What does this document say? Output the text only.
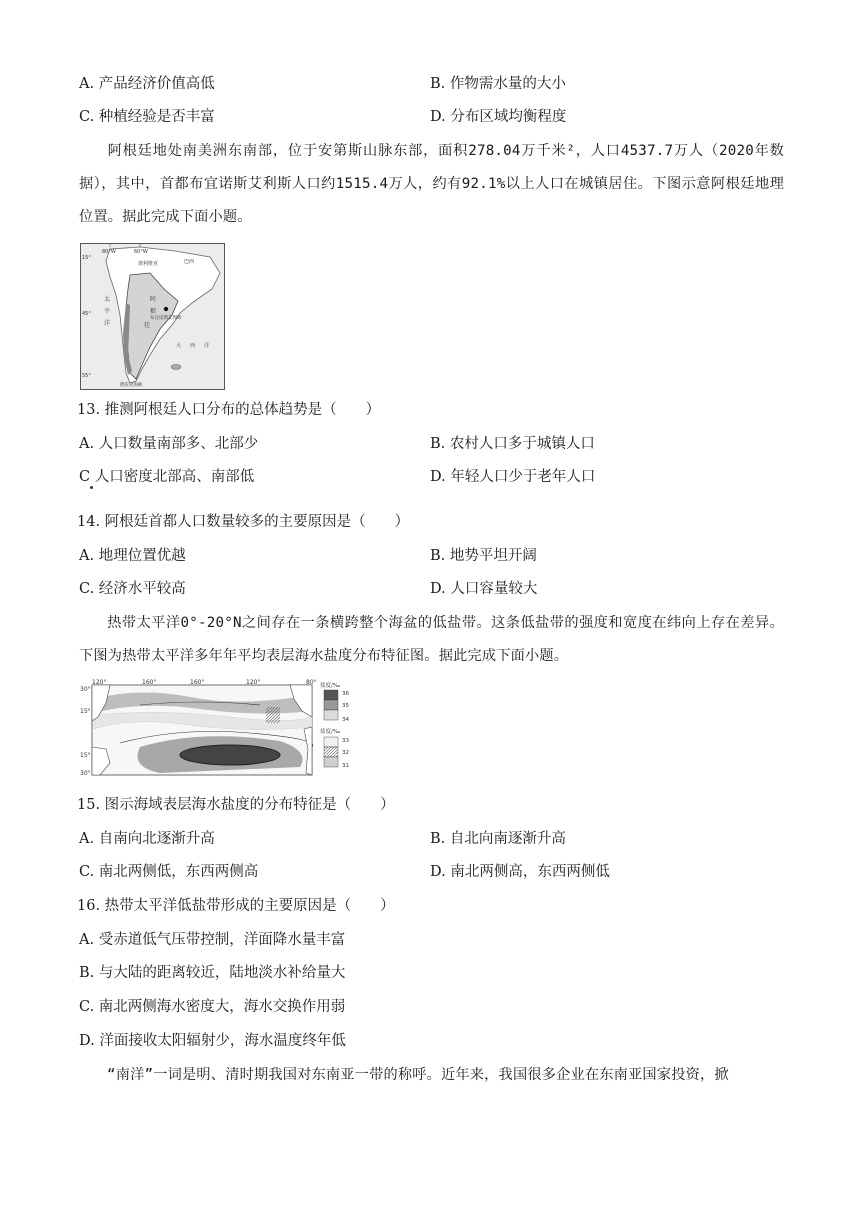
A. 产品经济价值高低	B. 作物需水量的大小
C. 种植经验是否丰富	D. 分布区域均衡程度
阿根廷地处南美洲东南部，位于安第斯山脉东部，面积278.04万千米²，人口4537.7万人（2020年数据），其中，首都布宜诺斯艾利斯人口约1515.4万人，约有92.1%以上人口在城镇居住。下图示意阿根廷地理位置。据此完成下面小题。
80°W	60°W
15°
45°
55°
玻利维亚	巴西
阿
根
廷
布宜诺斯艾利斯
太
平
洋
大 西 洋
德雷克海峡
13. 推测阿根廷人口分布的总体趋势是（　　）
A. 人口数量南部多、北部少	B. 农村人口多于城镇人口
C 人口密度北部高、南部低	D. 年轻人口少于老年人口
14. 阿根廷首都人口数量较多的主要原因是（　　）
A. 地理位置优越	B. 地势平坦开阔
C. 经济水平较高	D. 人口容量较大
热带太平洋0°-20°N之间存在一条横跨整个海盆的低盐带。这条低盐带的强度和宽度在纬向上存在差异。下图为热带太平洋多年年平均表层海水盐度分布特征图。据此完成下面小题。
120°	160°	160°	120°	80°
30°
15°
15°
30°
盐度/‰
36
35
34
盐度/‰
33
32
31
15. 图示海域表层海水盐度的分布特征是（　　）
A. 自南向北逐渐升高	B. 自北向南逐渐升高
C. 南北两侧低，东西两侧高	D. 南北两侧高，东西两侧低
16. 热带太平洋低盐带形成的主要原因是（　　）
A. 受赤道低气压带控制，洋面降水量丰富
B. 与大陆的距离较近，陆地淡水补给量大
C. 南北两侧海水密度大，海水交换作用弱
D. 洋面接收太阳辐射少，海水温度终年低
“南洋”一词是明、清时期我国对东南亚一带的称呼。近年来，我国很多企业在东南亚国家投资，掀
